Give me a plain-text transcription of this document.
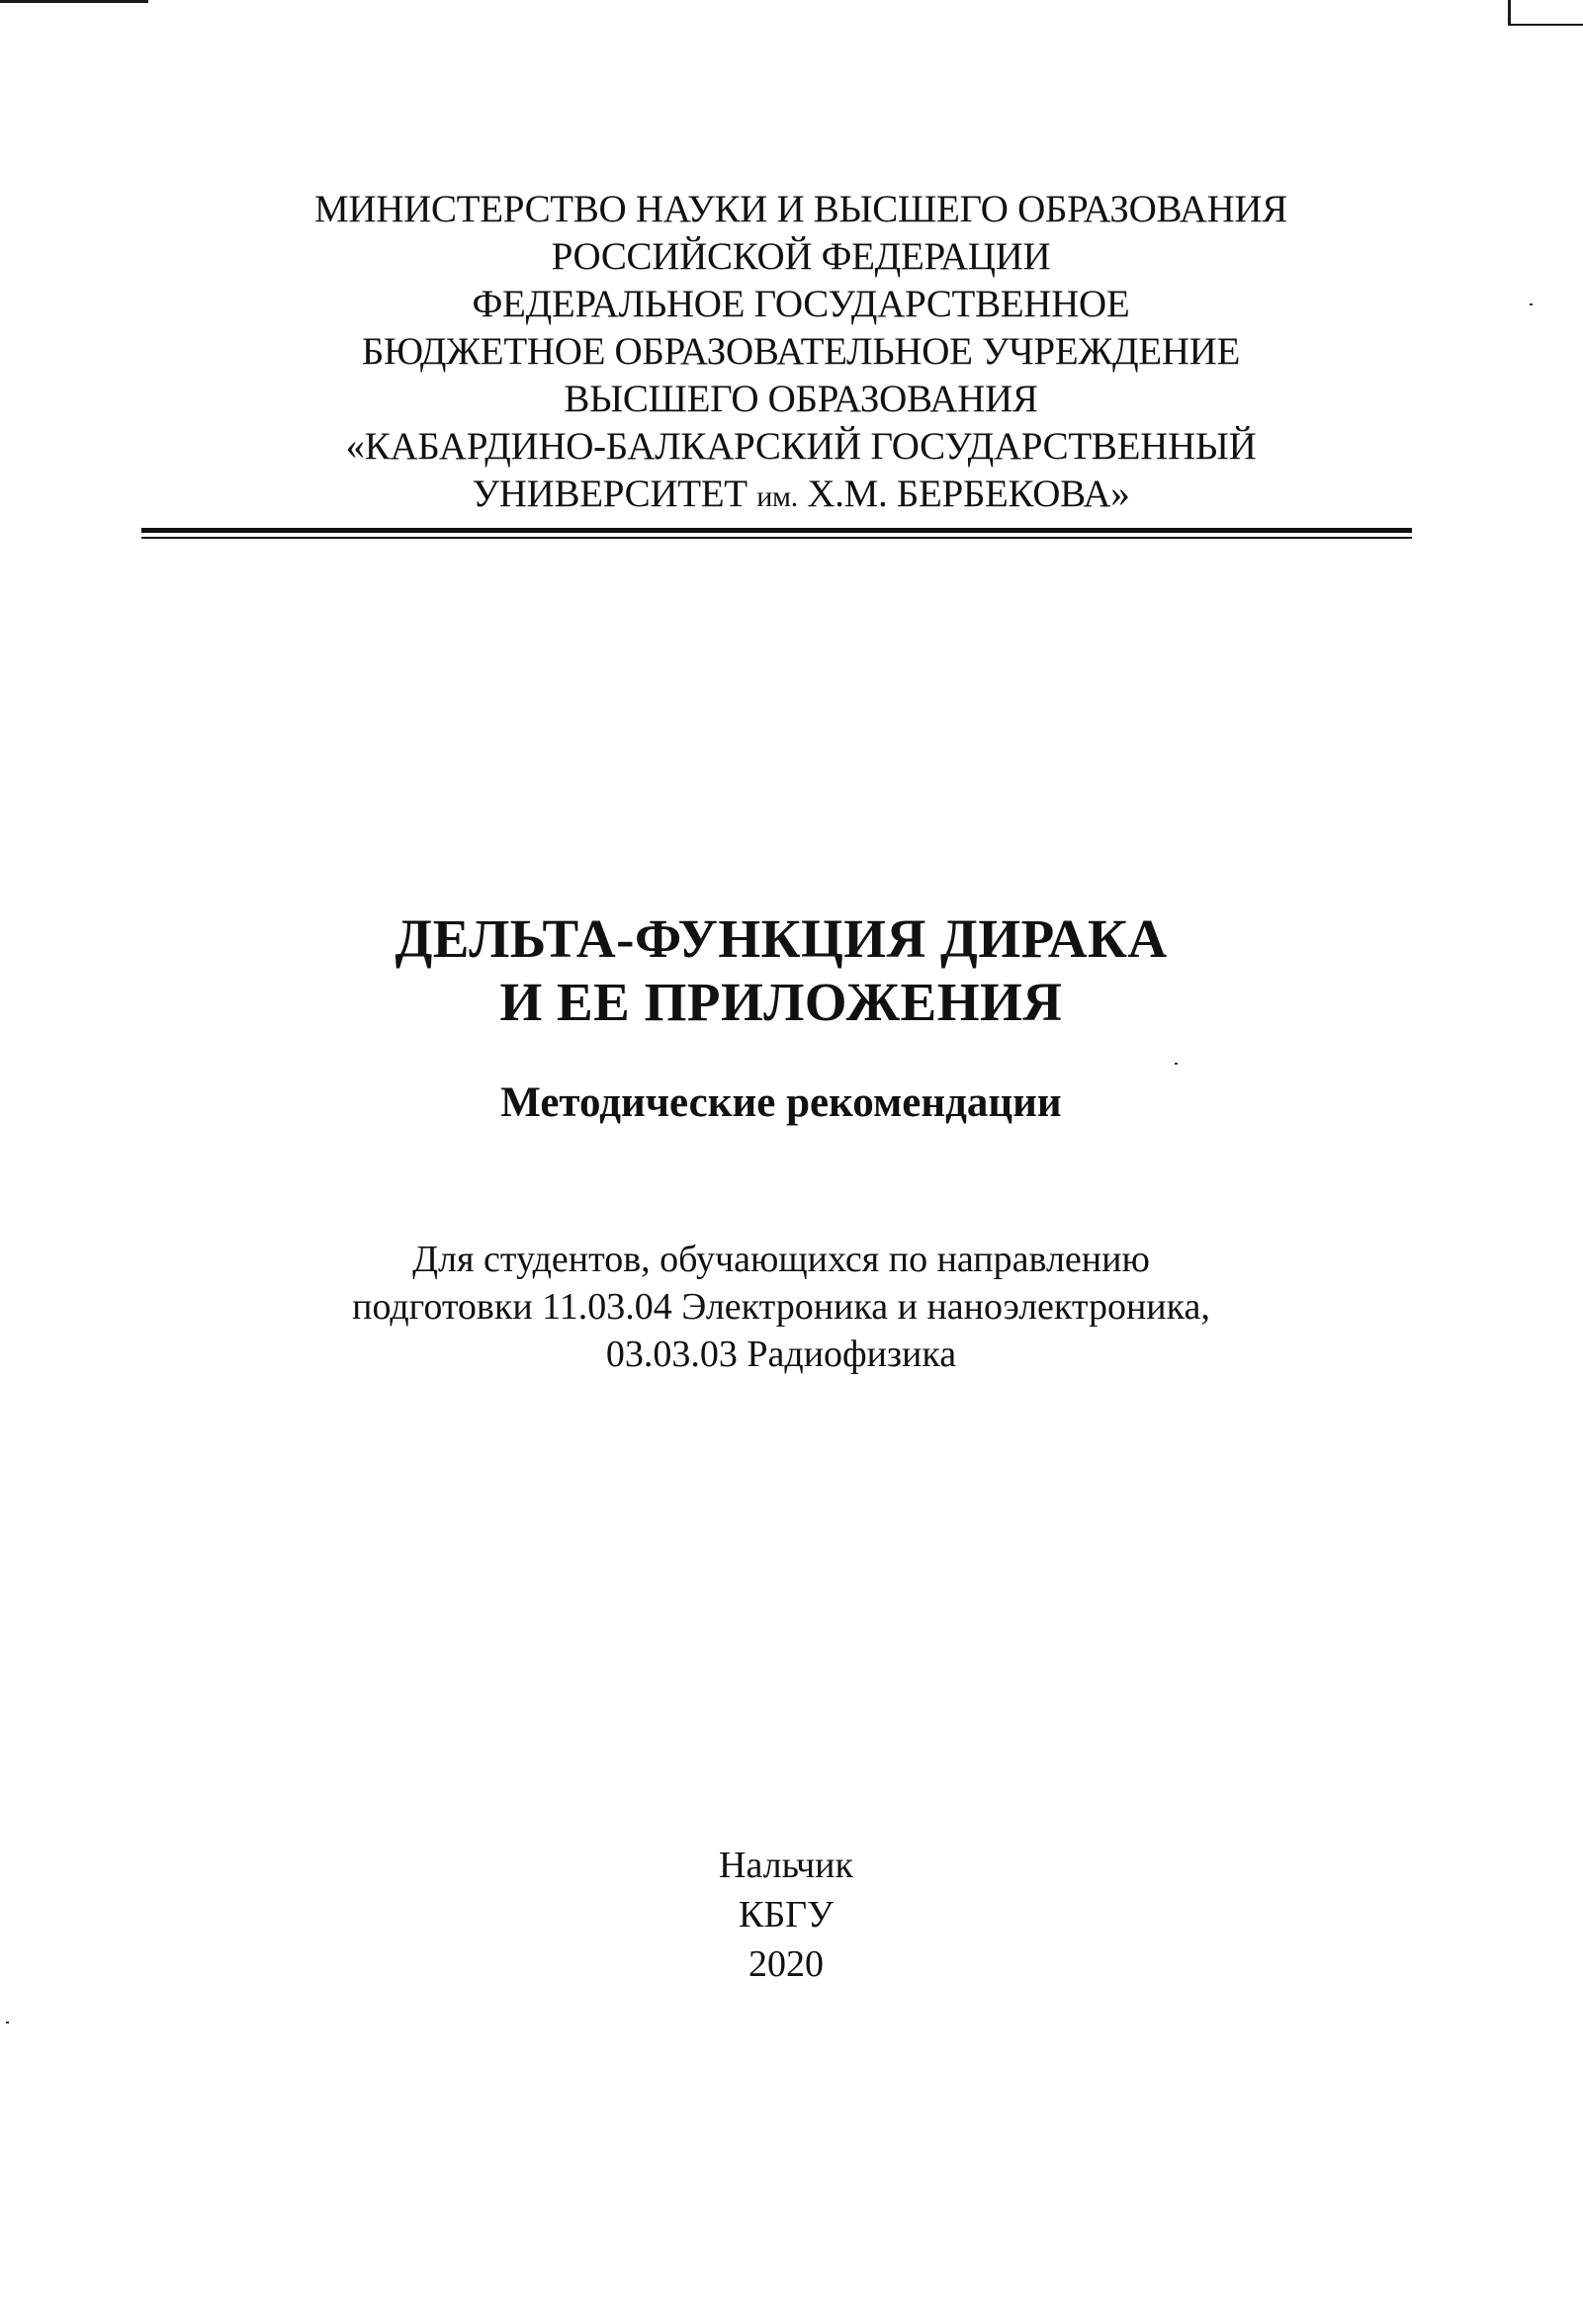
МИНИСТЕРСТВО НАУКИ И ВЫСШЕГО ОБРАЗОВАНИЯ
РОССИЙСКОЙ ФЕДЕРАЦИИ
ФЕДЕРАЛЬНОЕ ГОСУДАРСТВЕННОЕ
БЮДЖЕТНОЕ ОБРАЗОВАТЕЛЬНОЕ УЧРЕЖДЕНИЕ
ВЫСШЕГО ОБРАЗОВАНИЯ
«КАБАРДИНО-БАЛКАРСКИЙ ГОСУДАРСТВЕННЫЙ
УНИВЕРСИТЕТ им. Х.М. БЕРБЕКОВА»
ДЕЛЬТА-ФУНКЦИЯ ДИРАКА
И ЕЕ ПРИЛОЖЕНИЯ
Методические рекомендации
Для студентов, обучающихся по направлению
подготовки 11.03.04 Электроника и наноэлектроника,
03.03.03 Радиофизика
Нальчик
КБГУ
2020
